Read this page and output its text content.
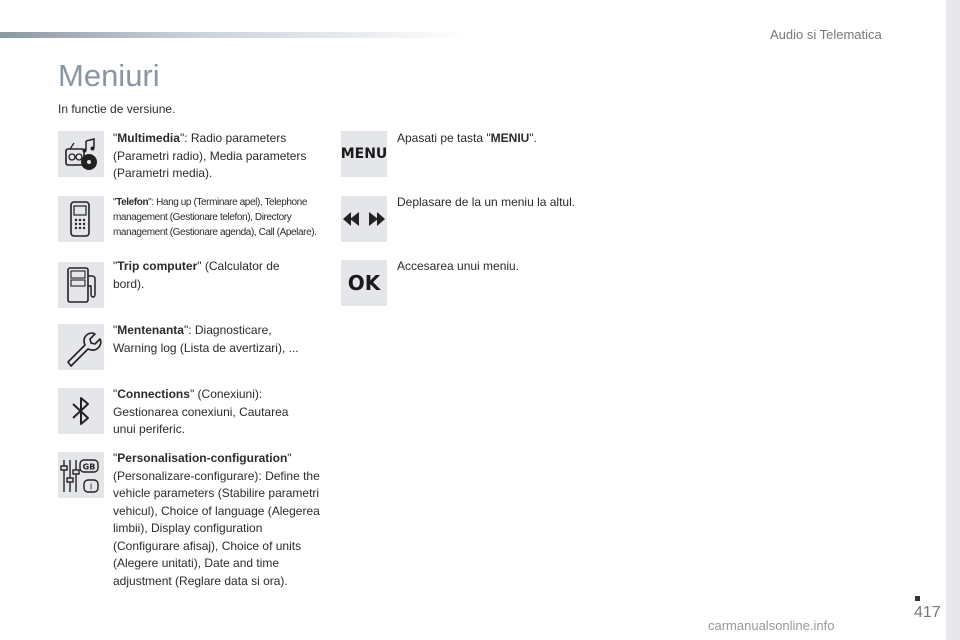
Audio si Telematica
Meniuri
In functie de versiune.
"Multimedia": Radio parameters (Parametri radio), Media parameters (Parametri media).
"Telefon": Hang up (Terminare apel), Telephone management (Gestionare telefon), Directory management (Gestionare agenda), Call (Apelare).
"Trip computer" (Calculator de bord).
"Mentenanta": Diagnosticare, Warning log (Lista de avertizari), ...
"Connections" (Conexiuni): Gestionarea conexiuni, Cautarea unui periferic.
GB
I
"Personalisation-configuration" (Personalizare-configurare): Define the vehicle parameters (Stabilire parametri vehicul), Choice of language (Alegerea limbii), Display configuration (Configurare afisaj), Choice of units (Alegere unitati), Date and time adjustment (Reglare data si ora).
MENU
Apasati pe tasta "MENIU".
Deplasare de la un meniu la altul.
OK
Accesarea unui meniu.
417
carmanualsonline.info
